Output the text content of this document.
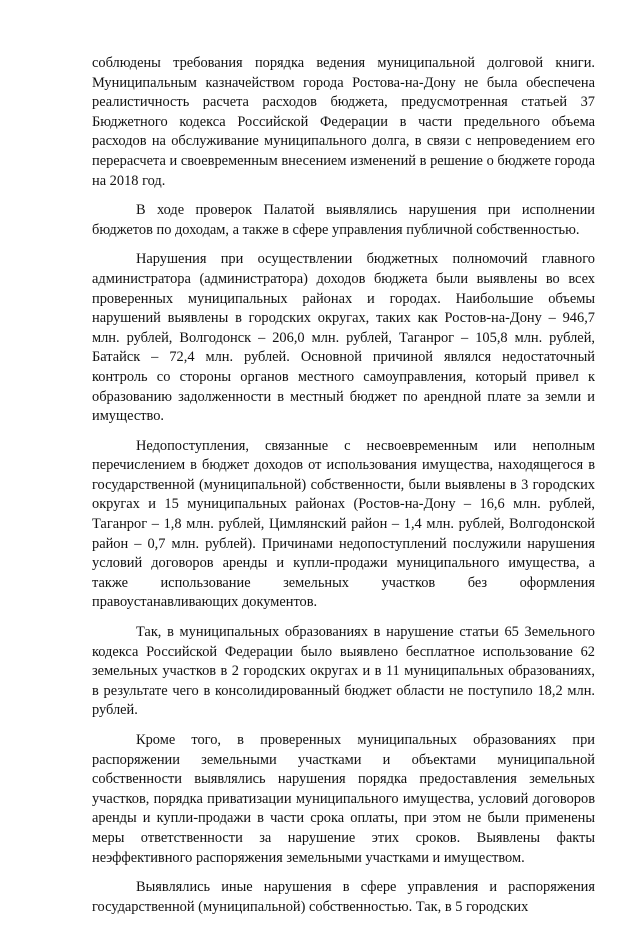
соблюдены требования порядка ведения муниципальной долговой книги. Муниципальным казначейством города Ростова-на-Дону не была обеспечена реалистичность расчета расходов бюджета, предусмотренная статьей 37 Бюджетного кодекса Российской Федерации в части предельного объема расходов на обслуживание муниципального долга, в связи с непроведением его перерасчета и своевременным внесением изменений в решение о бюджете города на 2018 год.

В ходе проверок Палатой выявлялись нарушения при исполнении бюджетов по доходам, а также в сфере управления публичной собственностью.

Нарушения при осуществлении бюджетных полномочий главного администратора (администратора) доходов бюджета были выявлены во всех проверенных муниципальных районах и городах. Наибольшие объемы нарушений выявлены в городских округах, таких как Ростов-на-Дону – 946,7 млн. рублей, Волгодонск – 206,0 млн. рублей, Таганрог – 105,8 млн. рублей, Батайск – 72,4 млн. рублей. Основной причиной являлся недостаточный контроль со стороны органов местного самоуправления, который привел к образованию задолженности в местный бюджет по арендной плате за земли и имущество.

Недопоступления, связанные с несвоевременным или неполным перечислением в бюджет доходов от использования имущества, находящегося в государственной (муниципальной) собственности, были выявлены в 3 городских округах и 15 муниципальных районах (Ростов-на-Дону – 16,6 млн. рублей, Таганрог – 1,8 млн. рублей, Цимлянский район – 1,4 млн. рублей, Волгодонской район – 0,7 млн. рублей). Причинами недопоступлений послужили нарушения условий договоров аренды и купли-продажи муниципального имущества, а также использование земельных участков без оформления правоустанавливающих документов.

Так, в муниципальных образованиях в нарушение статьи 65 Земельного кодекса Российской Федерации было выявлено бесплатное использование 62 земельных участков в 2 городских округах и в 11 муниципальных образованиях, в результате чего в консолидированный бюджет области не поступило 18,2 млн. рублей.

Кроме того, в проверенных муниципальных образованиях при распоряжении земельными участками и объектами муниципальной собственности выявлялись нарушения порядка предоставления земельных участков, порядка приватизации муниципального имущества, условий договоров аренды и купли-продажи в части срока оплаты, при этом не были применены меры ответственности за нарушение этих сроков. Выявлены факты неэффективного распоряжения земельными участками и имуществом.

Выявлялись иные нарушения в сфере управления и распоряжения государственной (муниципальной) собственностью. Так, в 5 городских
